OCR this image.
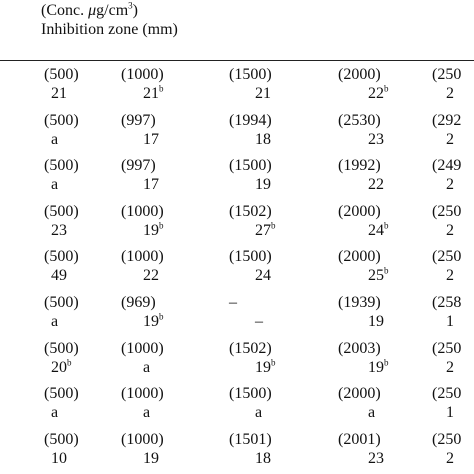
(Conc. $\mu g/cm^3$)
Inhibition zone (mm)
(500)	(1000)	(1500)	(2000)	(250
21	21$^b$	21	22$^b$	2
(500)	(997)	(1994)	(2530)	(292
a	17	18	23	2
(500)	(997)	(1500)	(1992)	(249
a	17	19	22	2
(500)	(1000)	(1502)	(2000)	(250
23	19$^b$	27$^b$	24$^b$	2
(500)	(1000)	(1500)	(2000)	(250
49	22	24	25$^b$	2
(500)	(969)	–	(1939)	(258
a	19$^b$	–	19	1
(500)	(1000)	(1502)	(2003)	(250
20$^b$	a	19$^b$	19$^b$	2
(500)	(1000)	(1500)	(2000)	(250
a	a	a	a	1
(500)	(1000)	(1501)	(2001)	(250
10	19	18	23	2
